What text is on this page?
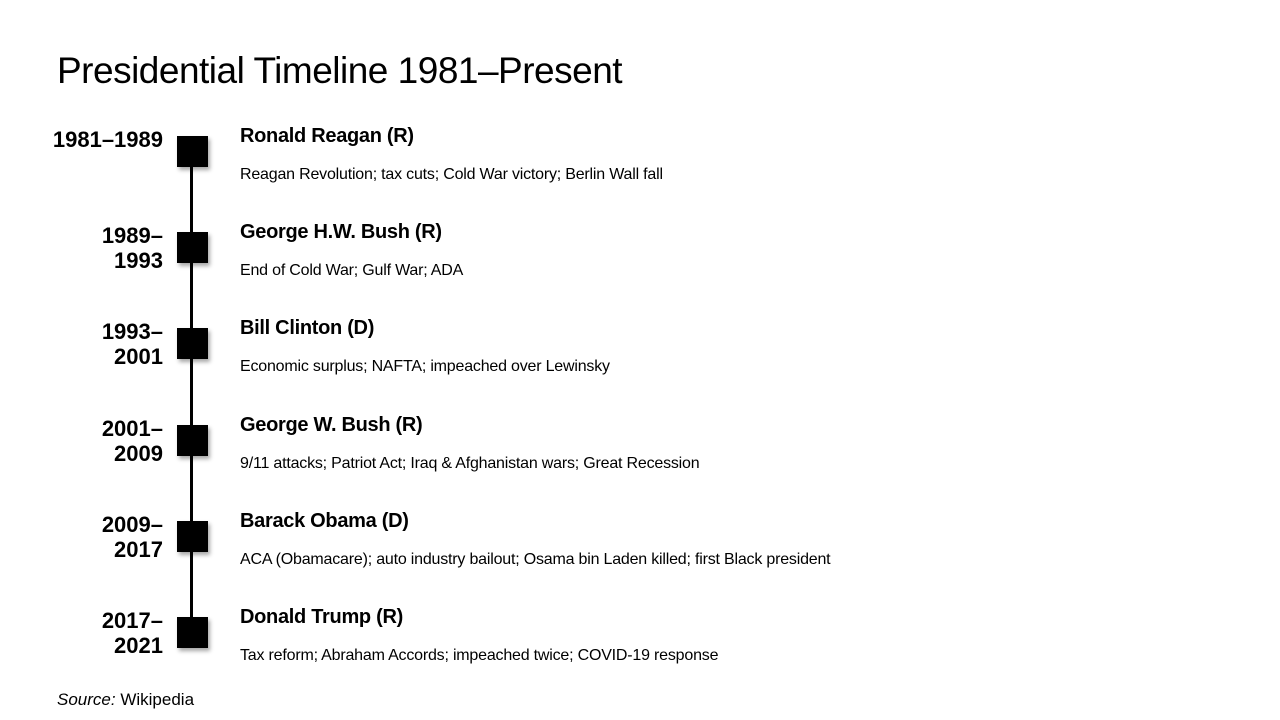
Presidential Timeline 1981–Present
1981–1989	Ronald Reagan (R)
Reagan Revolution; tax cuts; Cold War victory; Berlin Wall fall
1989–
1993
George H.W. Bush (R)
End of Cold War; Gulf War; ADA
1993–
2001
Bill Clinton (D)
Economic surplus; NAFTA; impeached over Lewinsky
2001–
2009
George W. Bush (R)
9/11 attacks; Patriot Act; Iraq & Afghanistan wars; Great Recession
2009–
2017
Barack Obama (D)
ACA (Obamacare); auto industry bailout; Osama bin Laden killed; first Black president
2017–
2021
Donald Trump (R)
Tax reform; Abraham Accords; impeached twice; COVID-19 response
Source: Wikipedia
